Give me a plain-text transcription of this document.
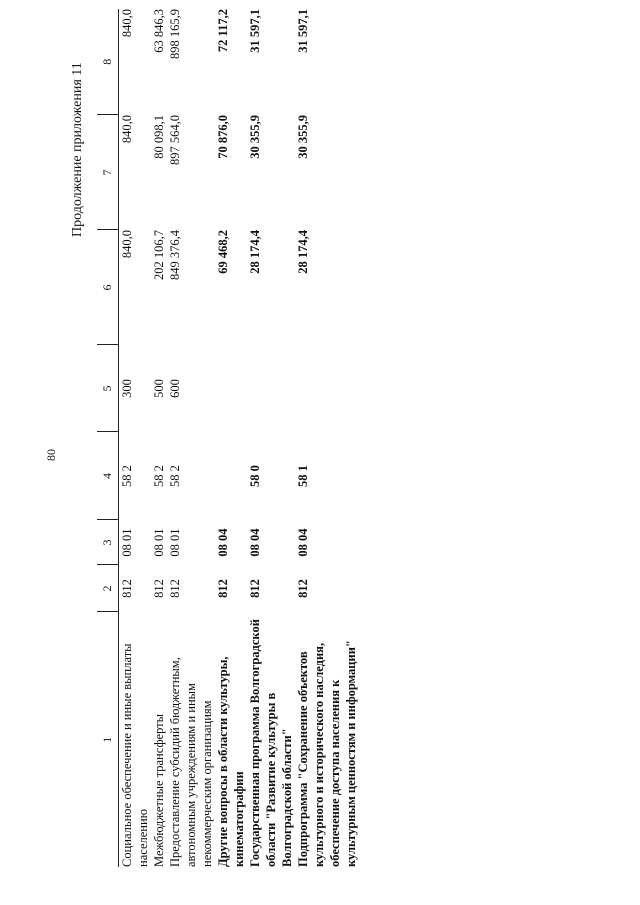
80
Продолжение приложения 11
1	2	3	4	5	6	7	8
Социальное обеспечение и иные выплаты населению	812	08 01	58 2	300	840,0	840,0	840,0
Межбюджетные трансферты	812	08 01	58 2	500	202 106,7	80 098,1	63 846,3
Предоставление субсидий бюджетным, автономным учреждениям и иным некоммерческим организациям	812	08 01	58 2	600	849 376,4	897 564,0	898 165,9
Другие вопросы в области культуры, кинематографии	812	08 04			69 468,2	70 876,0	72 117,2
Государственная программа Волгоградской области "Развитие культуры в Волгоградской области"	812	08 04	58 0		28 174,4	30 355,9	31 597,1
Подпрограмма "Сохранение объектов культурного и исторического наследия, обеспечение доступа населения к культурным ценностям и информации"	812	08 04	58 1		28 174,4	30 355,9	31 597,1
